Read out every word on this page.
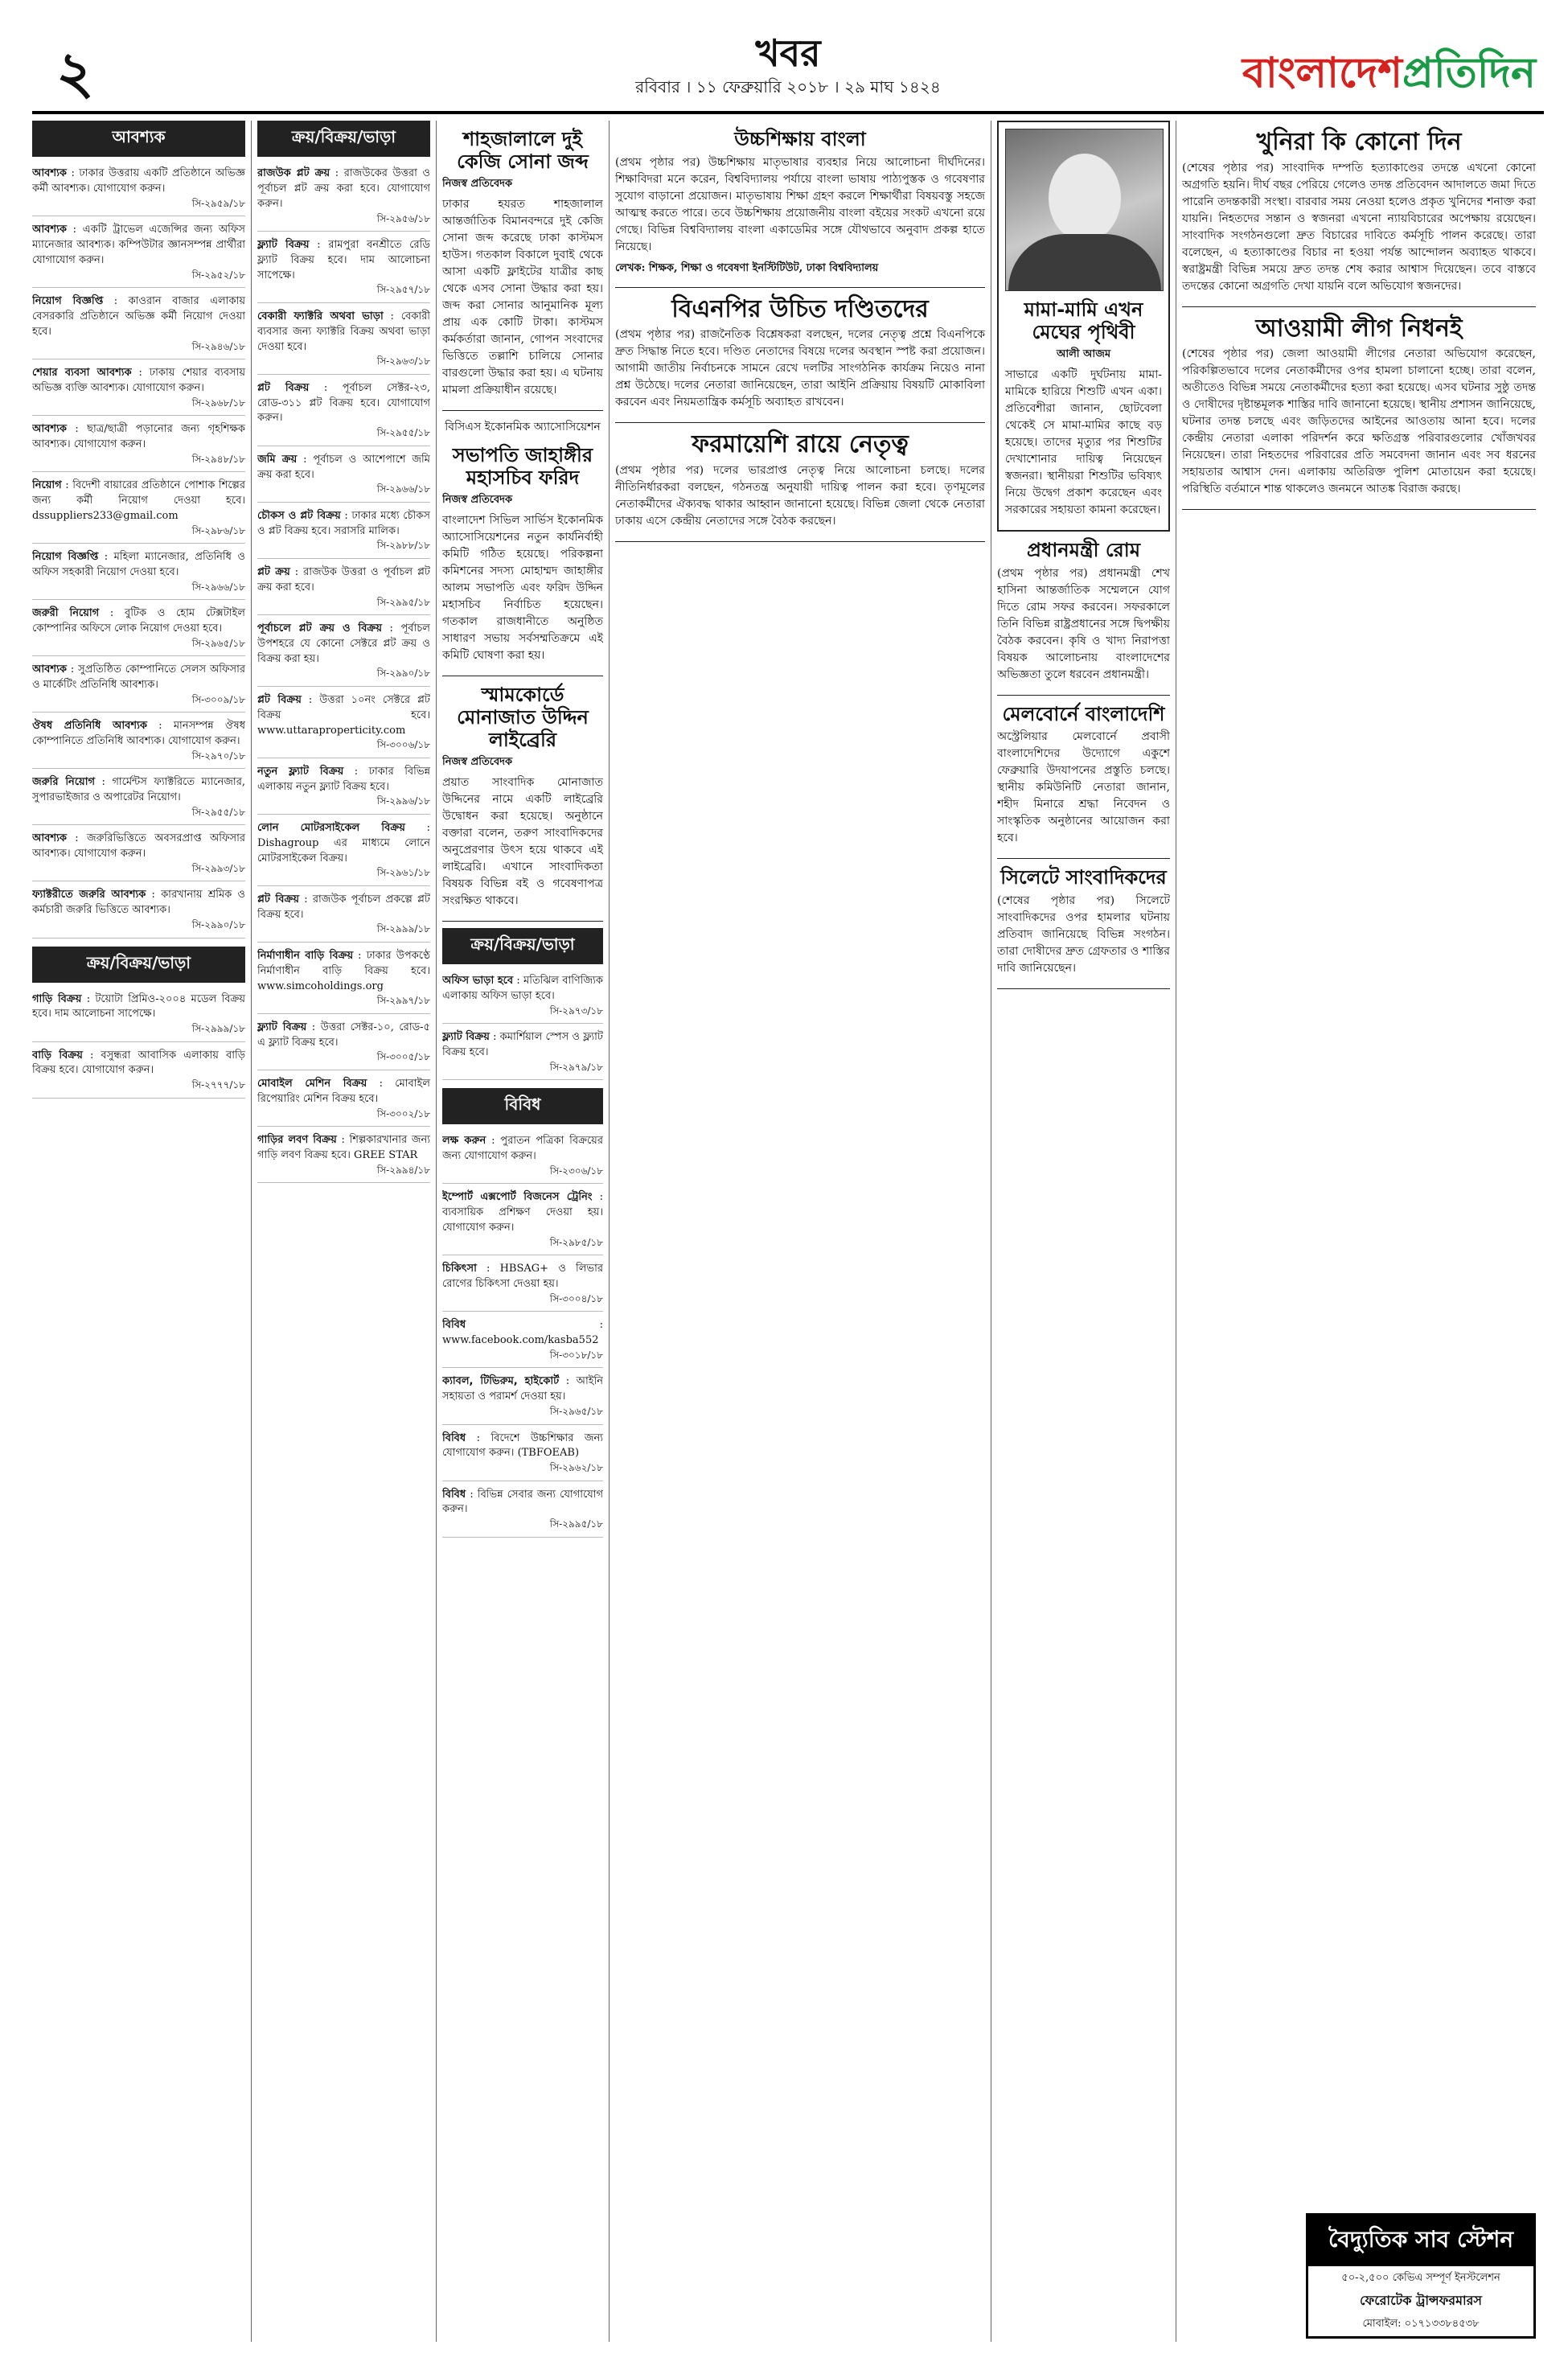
২	খবর
রবিবার । ১১ ফেব্রুয়ারি ২০১৮ । ২৯ মাঘ ১৪২৪	বাংলাদেশপ্রতিদিন
আবশ্যক
আবশ্যক : ঢাকার উত্তরায় একটি প্রতিষ্ঠানে অভিজ্ঞ কর্মী আবশ্যক। যোগাযোগ করুন।
সি-২৯৫৯/১৮
আবশ্যক : একটি ট্রাভেল এজেন্সির জন্য অফিস ম্যানেজার আবশ্যক। কম্পিউটার জ্ঞানসম্পন্ন প্রার্থীরা যোগাযোগ করুন।
সি-২৯৫২/১৮
নিয়োগ বিজ্ঞপ্তি : কাওরান বাজার এলাকায় বেসরকারি প্রতিষ্ঠানে অভিজ্ঞ কর্মী নিয়োগ দেওয়া হবে।
সি-২৯৪৬/১৮
শেয়ার ব্যবসা আবশ্যক : ঢাকায় শেয়ার ব্যবসায় অভিজ্ঞ ব্যক্তি আবশ্যক। যোগাযোগ করুন।
সি-২৯৬৮/১৮
আবশ্যক : ছাত্র/ছাত্রী পড়ানোর জন্য গৃহশিক্ষক আবশ্যক। যোগাযোগ করুন।
সি-২৯৪৮/১৮
নিয়োগ : বিদেশী বায়ারের প্রতিষ্ঠানে পোশাক শিল্পের জন্য কর্মী নিয়োগ দেওয়া হবে। dssuppliers233@gmail.com
সি-২৯৮৬/১৮
নিয়োগ বিজ্ঞপ্তি : মহিলা ম্যানেজার, প্রতিনিধি ও অফিস সহকারী নিয়োগ দেওয়া হবে।
সি-২৯৬৬/১৮
জরুরী নিয়োগ : বুটিক ও হোম টেক্সটাইল কোম্পানির অফিসে লোক নিয়োগ দেওয়া হবে।
সি-২৯৬৫/১৮
আবশ্যক : সুপ্রতিষ্ঠিত কোম্পানিতে সেলস অফিসার ও মার্কেটিং প্রতিনিধি আবশ্যক।
সি-৩০০৯/১৮
ঔষধ প্রতিনিধি আবশ্যক : মানসম্পন্ন ঔষধ কোম্পানিতে প্রতিনিধি আবশ্যক। যোগাযোগ করুন।
সি-২৯৭০/১৮
জরুরি নিয়োগ : গার্মেন্টস ফ্যাক্টরিতে ম্যানেজার, সুপারভাইজার ও অপারেটর নিয়োগ।
সি-২৯৫৫/১৮
আবশ্যক : জরুরিভিত্তিতে অবসরপ্রাপ্ত অফিসার আবশ্যক। যোগাযোগ করুন।
সি-২৯৯৩/১৮
ফ্যাক্টরীতে জরুরি আবশ্যক : কারখানায় শ্রমিক ও কর্মচারী জরুরি ভিত্তিতে আবশ্যক।
সি-২৯৯০/১৮
ক্রয়/বিক্রয়/ভাড়া
গাড়ি বিক্রয় : টয়োটা প্রিমিও-২০০৪ মডেল বিক্রয় হবে। দাম আলোচনা সাপেক্ষে।
সি-২৯৯৯/১৮
বাড়ি বিক্রয় : বসুন্ধরা আবাসিক এলাকায় বাড়ি বিক্রয় হবে। যোগাযোগ করুন।
সি-২৭৭৭/১৮
ক্রয়/বিক্রয়/ভাড়া
রাজউক প্লট ক্রয় : রাজউকের উত্তরা ও পূর্বাচল প্লট ক্রয় করা হবে। যোগাযোগ করুন।
সি-২৯৫৬/১৮
ফ্ল্যাট বিক্রয় : রামপুরা বনশ্রীতে রেডি ফ্ল্যাট বিক্রয় হবে। দাম আলোচনা সাপেক্ষে।
সি-২৯৫৭/১৮
বেকারী ফ্যাক্টরি অথবা ভাড়া : বেকারী ব্যবসার জন্য ফ্যাক্টরি বিক্রয় অথবা ভাড়া দেওয়া হবে।
সি-২৯৬৩/১৮
প্লট বিক্রয় : পূর্বাচল সেক্টর-২৩, রোড-৩১১ প্লট বিক্রয় হবে। যোগাযোগ করুন।
সি-২৯৫৫/১৮
জমি ক্রয় : পূর্বাচল ও আশেপাশে জমি ক্রয় করা হবে।
সি-২৯৬৬/১৮
চৌকস ও প্লট বিক্রয় : ঢাকার মধ্যে চৌকস ও প্লট বিক্রয় হবে। সরাসরি মালিক।
সি-২৯৮৮/১৮
প্লট ক্রয় : রাজউক উত্তরা ও পূর্বাচল প্লট ক্রয় করা হবে।
সি-২৯৯৫/১৮
পূর্বাচলে প্লট ক্রয় ও বিক্রয় : পূর্বাচল উপশহরে যে কোনো সেক্টরে প্লট ক্রয় ও বিক্রয় করা হয়।
সি-২৯৯০/১৮
প্লট বিক্রয় : উত্তরা ১০নং সেক্টরে প্লট বিক্রয় হবে। www.uttaraproperticity.com
সি-৩০০৬/১৮
নতুন ফ্ল্যাট বিক্রয় : ঢাকার বিভিন্ন এলাকায় নতুন ফ্ল্যাট বিক্রয় হবে।
সি-২৯৯৬/১৮
লোন মোটরসাইকেল বিক্রয় : Dishagroup এর মাধ্যমে লোনে মোটরসাইকেল বিক্রয়।
সি-২৯৬১/১৮
প্লট বিক্রয় : রাজউক পূর্বাচল প্রকল্পে প্লট বিক্রয় হবে।
সি-২৯৯৯/১৮
নির্মাণাধীন বাড়ি বিক্রয় : ঢাকার উপকণ্ঠে নির্মাণাধীন বাড়ি বিক্রয় হবে। www.simcoholdings.org
সি-২৯৯৭/১৮
ফ্ল্যাট বিক্রয় : উত্তরা সেক্টর-১০, রোড-৫ এ ফ্ল্যাট বিক্রয় হবে।
সি-৩০০৫/১৮
মোবাইল মেশিন বিক্রয় : মোবাইল রিপেয়ারিং মেশিন বিক্রয় হবে।
সি-৩০০২/১৮
গাড়ির লবণ বিক্রয় : শিল্পকারখানার জন্য গাড়ি লবণ বিক্রয় হবে। GREE STAR
সি-২৯৯৪/১৮
শাহজালালে দুই কেজি সোনা জব্দ
নিজস্ব প্রতিবেদক
ঢাকার হযরত শাহজালাল আন্তর্জাতিক বিমানবন্দরে দুই কেজি সোনা জব্দ করেছে ঢাকা কাস্টমস হাউস। গতকাল বিকালে দুবাই থেকে আসা একটি ফ্লাইটের যাত্রীর কাছ থেকে এসব সোনা উদ্ধার করা হয়। জব্দ করা সোনার আনুমানিক মূল্য প্রায় এক কোটি টাকা। কাস্টমস কর্মকর্তারা জানান, গোপন সংবাদের ভিত্তিতে তল্লাশি চালিয়ে সোনার বারগুলো উদ্ধার করা হয়। এ ঘটনায় মামলা প্রক্রিয়াধীন রয়েছে।
বিসিএস ইকোনমিক অ্যাসোসিয়েশন
সভাপতি জাহাঙ্গীর মহাসচিব ফরিদ
নিজস্ব প্রতিবেদক
বাংলাদেশ সিভিল সার্ভিস ইকোনমিক অ্যাসোসিয়েশনের নতুন কার্যনির্বাহী কমিটি গঠিত হয়েছে। পরিকল্পনা কমিশনের সদস্য মোহাম্মদ জাহাঙ্গীর আলম সভাপতি এবং ফরিদ উদ্দিন মহাসচিব নির্বাচিত হয়েছেন। গতকাল রাজধানীতে অনুষ্ঠিত সাধারণ সভায় সর্বসম্মতিক্রমে এই কমিটি ঘোষণা করা হয়।
স্মামকোর্ডে মোনাজাত উদ্দিন লাইব্রেরি
নিজস্ব প্রতিবেদক
প্রয়াত সাংবাদিক মোনাজাত উদ্দিনের নামে একটি লাইব্রেরি উদ্বোধন করা হয়েছে। অনুষ্ঠানে বক্তারা বলেন, তরুণ সাংবাদিকদের অনুপ্রেরণার উৎস হয়ে থাকবে এই লাইব্রেরি। এখানে সাংবাদিকতা বিষয়ক বিভিন্ন বই ও গবেষণাপত্র সংরক্ষিত থাকবে।
ক্রয়/বিক্রয়/ভাড়া
অফিস ভাড়া হবে : মতিঝিল বাণিজ্যিক এলাকায় অফিস ভাড়া হবে।
সি-২৯৭৩/১৮
ফ্ল্যাট বিক্রয় : কমার্শিয়াল স্পেস ও ফ্ল্যাট বিক্রয় হবে।
সি-২৯৭৯/১৮
বিবিধ
লক্ষ করুন : পুরাতন পত্রিকা বিক্রয়ের জন্য যোগাযোগ করুন।
সি-২৩০৬/১৮
ইম্পোর্ট এক্সপোর্ট বিজনেস ট্রেনিং : ব্যবসায়িক প্রশিক্ষণ দেওয়া হয়। যোগাযোগ করুন।
সি-২৯৮৫/১৮
চিকিৎসা : HBSAG+ ও লিভার রোগের চিকিৎসা দেওয়া হয়।
সি-৩০০৪/১৮
বিবিধ : www.facebook.com/kasba552
সি-৩০১৮/১৮
ক্যাবল, টিভিরুম, হাইকোর্ট : আইনি সহায়তা ও পরামর্শ দেওয়া হয়।
সি-২৯৬৫/১৮
বিবিধ : বিদেশে উচ্চশিক্ষার জন্য যোগাযোগ করুন। (TBFOEAB)
সি-২৯৬২/১৮
বিবিধ : বিভিন্ন সেবার জন্য যোগাযোগ করুন।
সি-২৯৯৫/১৮
উচ্চশিক্ষায় বাংলা
(প্রথম পৃষ্ঠার পর) উচ্চশিক্ষায় মাতৃভাষার ব্যবহার নিয়ে আলোচনা দীর্ঘদিনের। শিক্ষাবিদরা মনে করেন, বিশ্ববিদ্যালয় পর্যায়ে বাংলা ভাষায় পাঠ্যপুস্তক ও গবেষণার সুযোগ বাড়ানো প্রয়োজন। মাতৃভাষায় শিক্ষা গ্রহণ করলে শিক্ষার্থীরা বিষয়বস্তু সহজে আত্মস্থ করতে পারে। তবে উচ্চশিক্ষায় প্রয়োজনীয় বাংলা বইয়ের সংকট এখনো রয়ে গেছে। বিভিন্ন বিশ্ববিদ্যালয় বাংলা একাডেমির সঙ্গে যৌথভাবে অনুবাদ প্রকল্প হাতে নিয়েছে।
লেখক: শিক্ষক, শিক্ষা ও গবেষণা ইনস্টিটিউট, ঢাকা বিশ্ববিদ্যালয়
বিএনপির উচিত দণ্ডিতদের
(প্রথম পৃষ্ঠার পর) রাজনৈতিক বিশ্লেষকরা বলছেন, দলের নেতৃত্ব প্রশ্নে বিএনপিকে দ্রুত সিদ্ধান্ত নিতে হবে। দণ্ডিত নেতাদের বিষয়ে দলের অবস্থান স্পষ্ট করা প্রয়োজন। আগামী জাতীয় নির্বাচনকে সামনে রেখে দলটির সাংগঠনিক কার্যক্রম নিয়েও নানা প্রশ্ন উঠেছে। দলের নেতারা জানিয়েছেন, তারা আইনি প্রক্রিয়ায় বিষয়টি মোকাবিলা করবেন এবং নিয়মতান্ত্রিক কর্মসূচি অব্যাহত রাখবেন।
ফরমায়েশি রায়ে নেতৃত্ব
(প্রথম পৃষ্ঠার পর) দলের ভারপ্রাপ্ত নেতৃত্ব নিয়ে আলোচনা চলছে। দলের নীতিনির্ধারকরা বলছেন, গঠনতন্ত্র অনুযায়ী দায়িত্ব পালন করা হবে। তৃণমূলের নেতাকর্মীদের ঐক্যবদ্ধ থাকার আহ্বান জানানো হয়েছে। বিভিন্ন জেলা থেকে নেতারা ঢাকায় এসে কেন্দ্রীয় নেতাদের সঙ্গে বৈঠক করছেন।
মামা-মামি এখন মেঘের পৃথিবী
আলী আজম
সাভারে একটি দুর্ঘটনায় মামা-মামিকে হারিয়ে শিশুটি এখন একা। প্রতিবেশীরা জানান, ছোটবেলা থেকেই সে মামা-মামির কাছে বড় হয়েছে। তাদের মৃত্যুর পর শিশুটির দেখাশোনার দায়িত্ব নিয়েছেন স্বজনরা। স্থানীয়রা শিশুটির ভবিষ্যৎ নিয়ে উদ্বেগ প্রকাশ করেছেন এবং সরকারের সহায়তা কামনা করেছেন।
প্রধানমন্ত্রী রোম
(প্রথম পৃষ্ঠার পর) প্রধানমন্ত্রী শেখ হাসিনা আন্তর্জাতিক সম্মেলনে যোগ দিতে রোম সফর করবেন। সফরকালে তিনি বিভিন্ন রাষ্ট্রপ্রধানের সঙ্গে দ্বিপক্ষীয় বৈঠক করবেন। কৃষি ও খাদ্য নিরাপত্তা বিষয়ক আলোচনায় বাংলাদেশের অভিজ্ঞতা তুলে ধরবেন প্রধানমন্ত্রী।
মেলবোর্নে বাংলাদেশি
অস্ট্রেলিয়ার মেলবোর্নে প্রবাসী বাংলাদেশিদের উদ্যোগে একুশে ফেব্রুয়ারি উদযাপনের প্রস্তুতি চলছে। স্থানীয় কমিউনিটি নেতারা জানান, শহীদ মিনারে শ্রদ্ধা নিবেদন ও সাংস্কৃতিক অনুষ্ঠানের আয়োজন করা হবে।
সিলেটে সাংবাদিকদের
(শেষের পৃষ্ঠার পর) সিলেটে সাংবাদিকদের ওপর হামলার ঘটনায় প্রতিবাদ জানিয়েছে বিভিন্ন সংগঠন। তারা দোষীদের দ্রুত গ্রেফতার ও শাস্তির দাবি জানিয়েছেন।
খুনিরা কি কোনো দিন
(শেষের পৃষ্ঠার পর) সাংবাদিক দম্পতি হত্যাকাণ্ডের তদন্তে এখনো কোনো অগ্রগতি হয়নি। দীর্ঘ বছর পেরিয়ে গেলেও তদন্ত প্রতিবেদন আদালতে জমা দিতে পারেনি তদন্তকারী সংস্থা। বারবার সময় নেওয়া হলেও প্রকৃত খুনিদের শনাক্ত করা যায়নি। নিহতদের সন্তান ও স্বজনরা এখনো ন্যায়বিচারের অপেক্ষায় রয়েছেন। সাংবাদিক সংগঠনগুলো দ্রুত বিচারের দাবিতে কর্মসূচি পালন করেছে। তারা বলেছেন, এ হত্যাকাণ্ডের বিচার না হওয়া পর্যন্ত আন্দোলন অব্যাহত থাকবে। স্বরাষ্ট্রমন্ত্রী বিভিন্ন সময়ে দ্রুত তদন্ত শেষ করার আশ্বাস দিয়েছেন। তবে বাস্তবে তদন্তের কোনো অগ্রগতি দেখা যায়নি বলে অভিযোগ স্বজনদের।
আওয়ামী লীগ নিধনই
(শেষের পৃষ্ঠার পর) জেলা আওয়ামী লীগের নেতারা অভিযোগ করেছেন, পরিকল্পিতভাবে দলের নেতাকর্মীদের ওপর হামলা চালানো হচ্ছে। তারা বলেন, অতীতেও বিভিন্ন সময়ে নেতাকর্মীদের হত্যা করা হয়েছে। এসব ঘটনার সুষ্ঠু তদন্ত ও দোষীদের দৃষ্টান্তমূলক শাস্তির দাবি জানানো হয়েছে। স্থানীয় প্রশাসন জানিয়েছে, ঘটনার তদন্ত চলছে এবং জড়িতদের আইনের আওতায় আনা হবে। দলের কেন্দ্রীয় নেতারা এলাকা পরিদর্শন করে ক্ষতিগ্রস্ত পরিবারগুলোর খোঁজখবর নিয়েছেন। তারা নিহতদের পরিবারের প্রতি সমবেদনা জানান এবং সব ধরনের সহায়তার আশ্বাস দেন। এলাকায় অতিরিক্ত পুলিশ মোতায়েন করা হয়েছে। পরিস্থিতি বর্তমানে শান্ত থাকলেও জনমনে আতঙ্ক বিরাজ করছে।
বৈদ্যুতিক সাব স্টেশন
৫০-২,৫০০ কেভিএ সম্পূর্ণ ইনস্টলেশন
ফেরোটেক ট্রান্সফরমারস
মোবাইল: ০১৭১৩৩৮৪৫৩৮
